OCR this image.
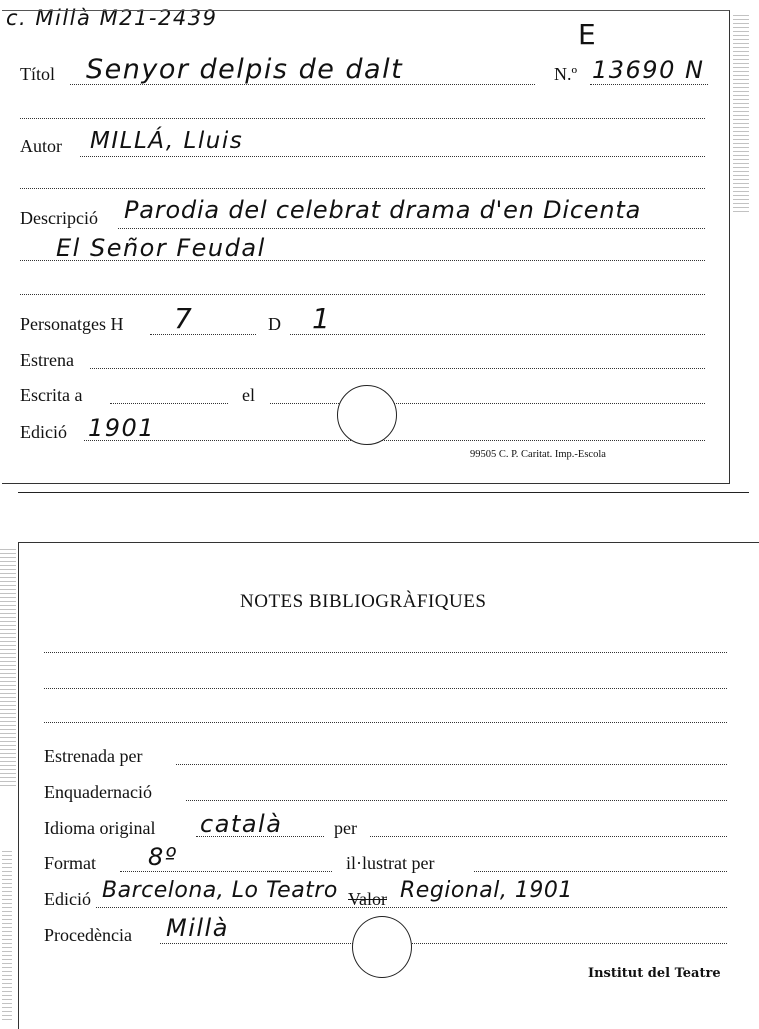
c. Millà M21-2439	E
Títol Senyor delpis de dalt	N.º 13690 N
Autor MILLÁ, Lluis
Descripció Parodia del celebrat drama d'en Dicenta
El Señor Feudal
Personatges H 7	D 1
Estrena
Escrita a	el
Edició 1901
99505 C. P. Caritat. Imp.-Escola
NOTES BIBLIOGRÀFIQUES
Estrenada per
Enquadernació
Idioma original català	per
Format 8º	il·lustrat per
Edició Barcelona, Lo Teatro Valor Regional, 1901
Procedència Millà
Institut del Teatre
